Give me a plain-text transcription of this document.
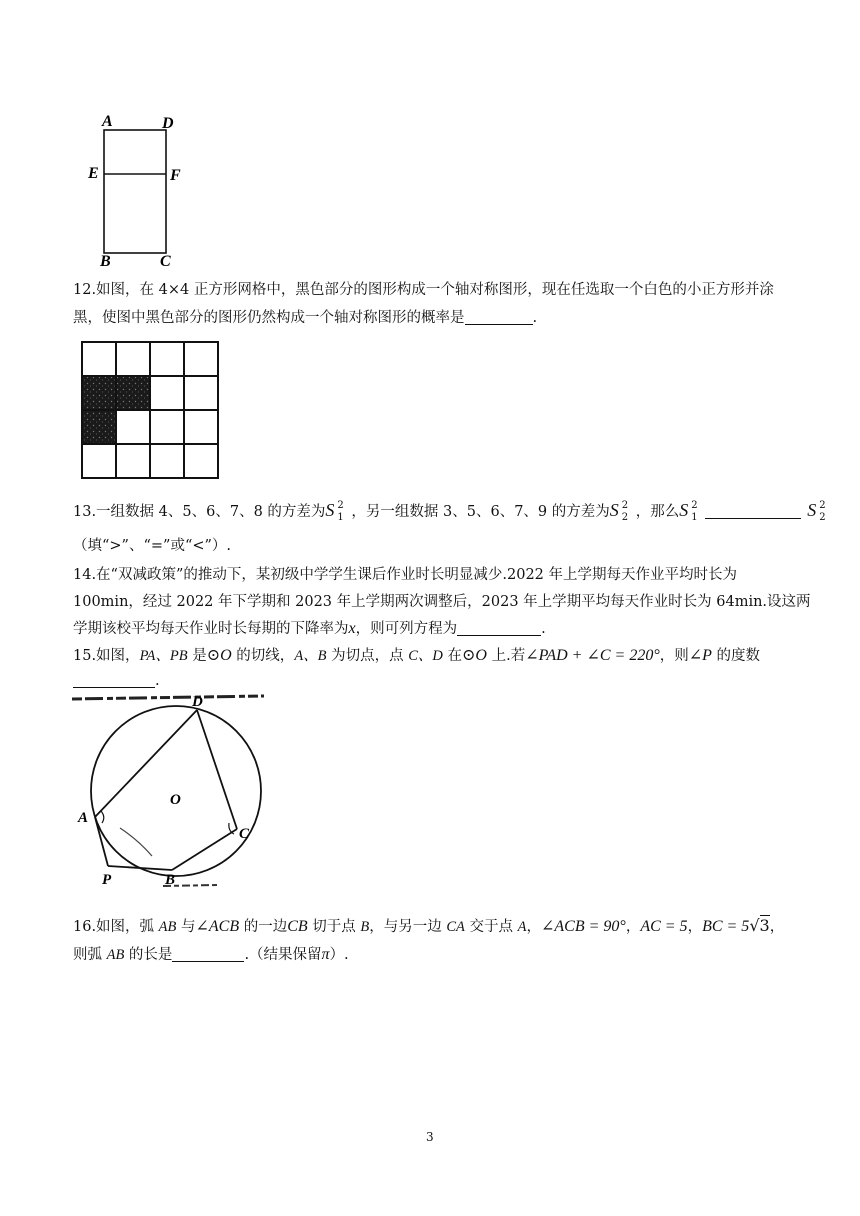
A	D
E	F
B	C
12.如图，在 4×4 正方形网格中，黑色部分的图形构成一个轴对称图形，现在任选取一个白色的小正方形并涂
黑，使图中黑色部分的图形仍然构成一个轴对称图形的概率是	.
13.一组数据 4、5、6、7、8 的方差为 S 2
1 ，另一组数据 3、5、6、7、9 的方差为 S 2
2 ，那么 S 2
1	S 2
2
（填“>”、“=”或“<”）.
14.在“双减政策”的推动下，某初级中学学生课后作业时长明显减少.2022 年上学期每天作业平均时长为
100min，经过 2022 年下学期和 2023 年上学期两次调整后，2023 年上学期平均每天作业时长为 64min.设这两
学期该校平均每天作业时长每期的下降率为x，则可列方程为	.
15.如图，PA、PB 是⊙O 的切线，A、B 为切点，点 C、D 在⊙O 上.若∠PAD + ∠C = 220°，则∠P 的度数
.
D
O
A
C
P	B
16.如图，弧 AB 与∠ACB 的一边CB 切于点 B，与另一边 CA 交于点 A，∠ACB = 90°，AC = 5，BC = 5√3，
则弧 AB 的长是	.（结果保留π）.
3
